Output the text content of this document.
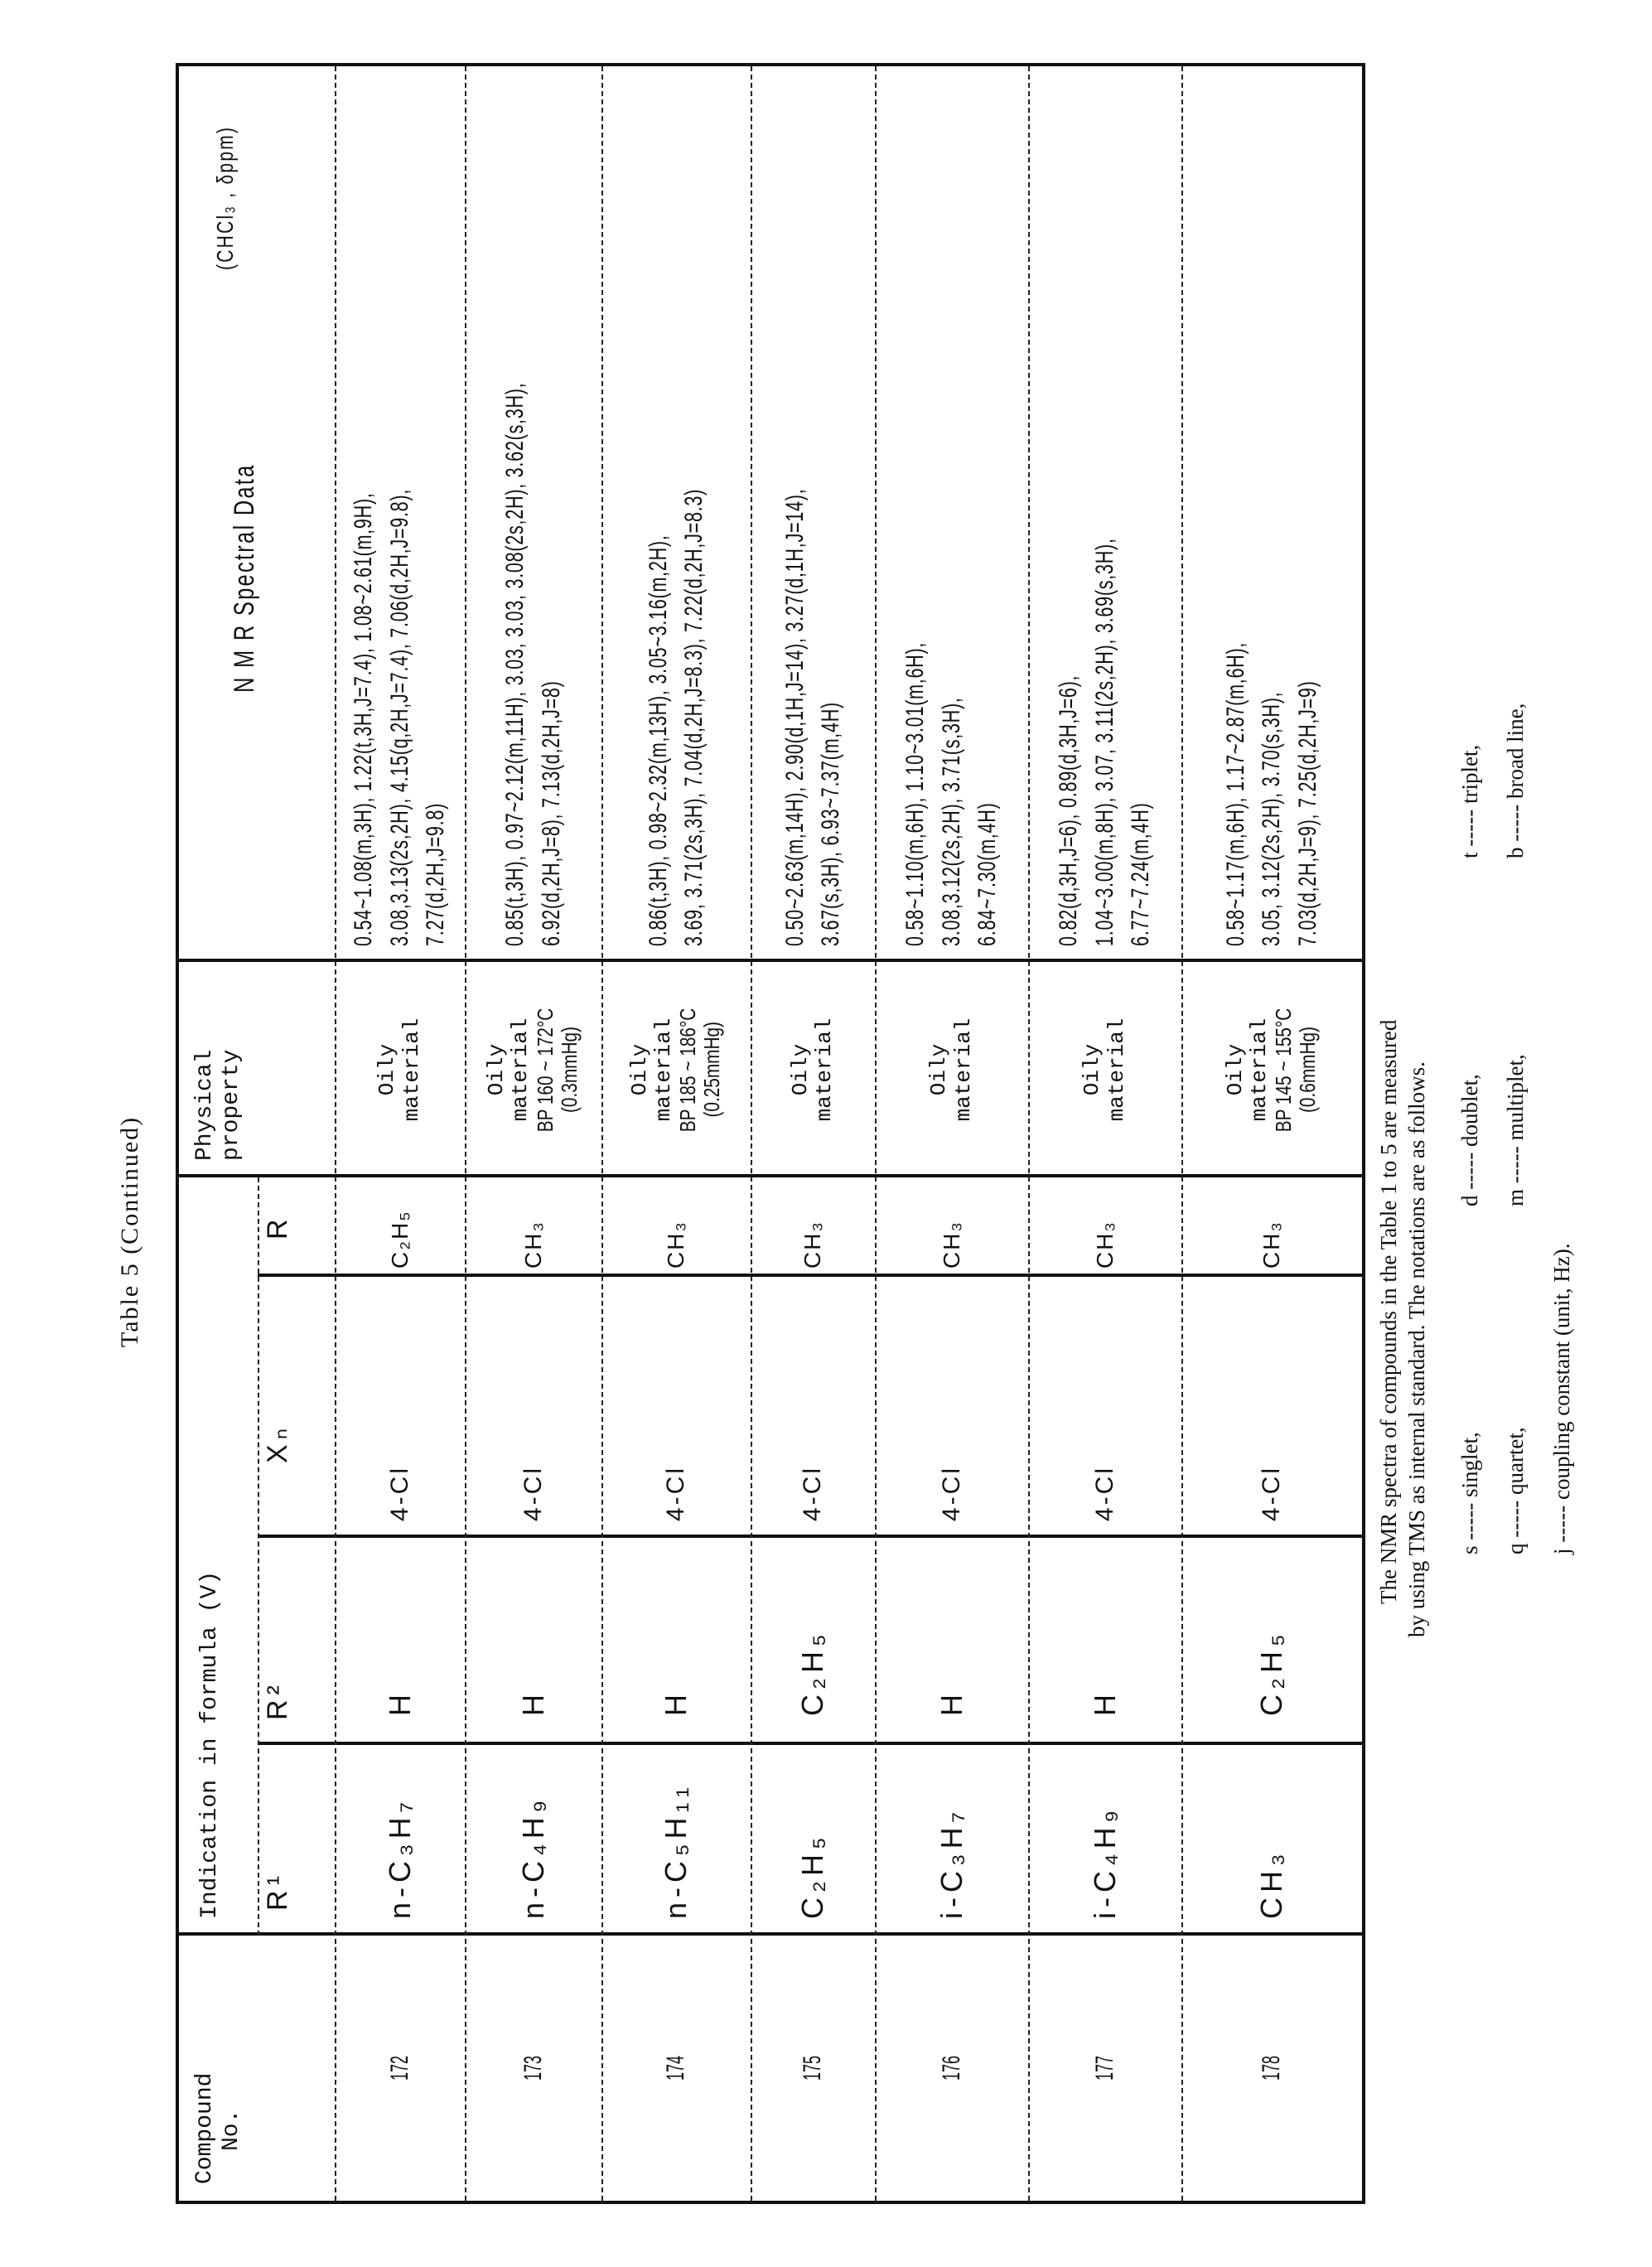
Table 5 (Continued)
Compound No.
Indication in formula (V) R¹
R²
Xₙ
R
Physical property
N M R Spectral Data
(CHCl₃ , δppm)
172
n-C₃H₇
H
4-Cl
C₂H₅
Oily material
0.54~1.08(m,3H), 1.22(t,3H,J=7.4), 1.08~2.61(m,9H), 3.08,3.13(2s,2H), 4.15(q,2H,J=7.4), 7.06(d,2H,J=9.8), 7.27(d,2H,J=9.8)
173
n-C₄H₉
H
4-Cl
CH₃
Oily material BP 160 ~ 172°C (0.3mmHg)
0.85(t,3H), 0.97~2.12(m,11H), 3.03, 3.03, 3.08(2s,2H), 3.62(s,3H), 6.92(d,2H,J=8), 7.13(d,2H,J=8)
174
n-C₅H₁₁
H
4-Cl
CH₃
Oily material BP 185 ~ 186°C (0.25mmHg)
0.86(t,3H), 0.98~2.32(m,13H), 3.05~3.16(m,2H), 3.69, 3.71(2s,3H), 7.04(d,2H,J=8.3), 7.22(d,2H,J=8.3)
175
C₂H₅
C₂H₅
4-Cl
CH₃
Oily material
0.50~2.63(m,14H), 2.90(d,1H,J=14), 3.27(d,1H,J=14), 3.67(s,3H), 6.93~7.37(m,4H)
176
i-C₃H₇
H
4-Cl
CH₃
Oily material
0.58~1.10(m,6H), 1.10~3.01(m,6H), 3.08,3.12(2s,2H), 3.71(s,3H), 6.84~7.30(m,4H)
177
i-C₄H₉
H
4-Cl
CH₃
Oily material
0.82(d,3H,J=6), 0.89(d,3H,J=6), 1.04~3.00(m,8H), 3.07, 3.11(2s,2H), 3.69(s,3H), 6.77~7.24(m,4H)
178
CH₃
C₂H₅
4-Cl
CH₃
Oily material BP 145 ~ 155°C (0.6mmHg)
0.58~1.17(m,6H), 1.17~2.87(m,6H), 3.05, 3.12(2s,2H), 3.70(s,3H), 7.03(d,2H,J=9), 7.25(d,2H,J=9)
The NMR spectra of compounds in the Table 1 to 5 are measured by using TMS as internal standard. The notations are as follows. s ----- singlet,
d ----- doublet,
t ----- triplet,
q ----- quartet,
m ----- multiplet,
b ----- broad line,
j ----- coupling constant (unit, Hz).
